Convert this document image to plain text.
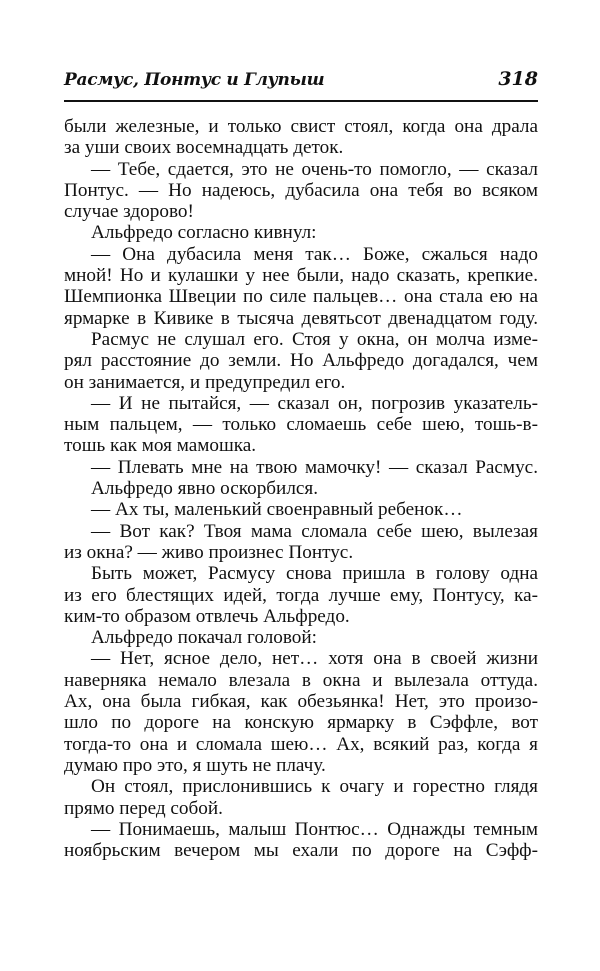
Расмус, Понтус и Глупыш	318
были железные, и только свист стоял, когда она драла
за уши своих восемнадцать деток.
— Тебе, сдается, это не очень-то помогло, — сказал
Понтус. — Но надеюсь, дубасила она тебя во всяком
случае здорово!
Альфредо согласно кивнул:
— Она дубасила меня так… Боже, сжалься надо
мной! Но и кулашки у нее были, надо сказать, крепкие.
Шемпионка Швеции по силе пальцев… она стала ею на
ярмарке в Кивике в тысяча девятьсот двенадцатом году.
Расмус не слушал его. Стоя у окна, он молча изме-
рял расстояние до земли. Но Альфредо догадался, чем
он занимается, и предупредил его.
— И не пытайся, — сказал он, погрозив указатель-
ным пальцем, — только сломаешь себе шею, тошь-в-
тошь как моя мамошка.
— Плевать мне на твою мамочку! — сказал Расмус.
Альфредо явно оскорбился.
— Ах ты, маленький своенравный ребенок…
— Вот как? Твоя мама сломала себе шею, вылезая
из окна? — живо произнес Понтус.
Быть может, Расмусу снова пришла в голову одна
из его блестящих идей, тогда лучше ему, Понтусу, ка-
ким-то образом отвлечь Альфредо.
Альфредо покачал головой:
— Нет, ясное дело, нет… хотя она в своей жизни
наверняка немало влезала в окна и вылезала оттуда.
Ах, она была гибкая, как обезьянка! Нет, это произо-
шло по дороге на конскую ярмарку в Сэффле, вот
тогда-то она и сломала шею… Ах, всякий раз, когда я
думаю про это, я шуть не плачу.
Он стоял, прислонившись к очагу и горестно глядя
прямо перед собой.
— Понимаешь, малыш Понтюс… Однажды темным
ноябрьским вечером мы ехали по дороге на Сэфф-
